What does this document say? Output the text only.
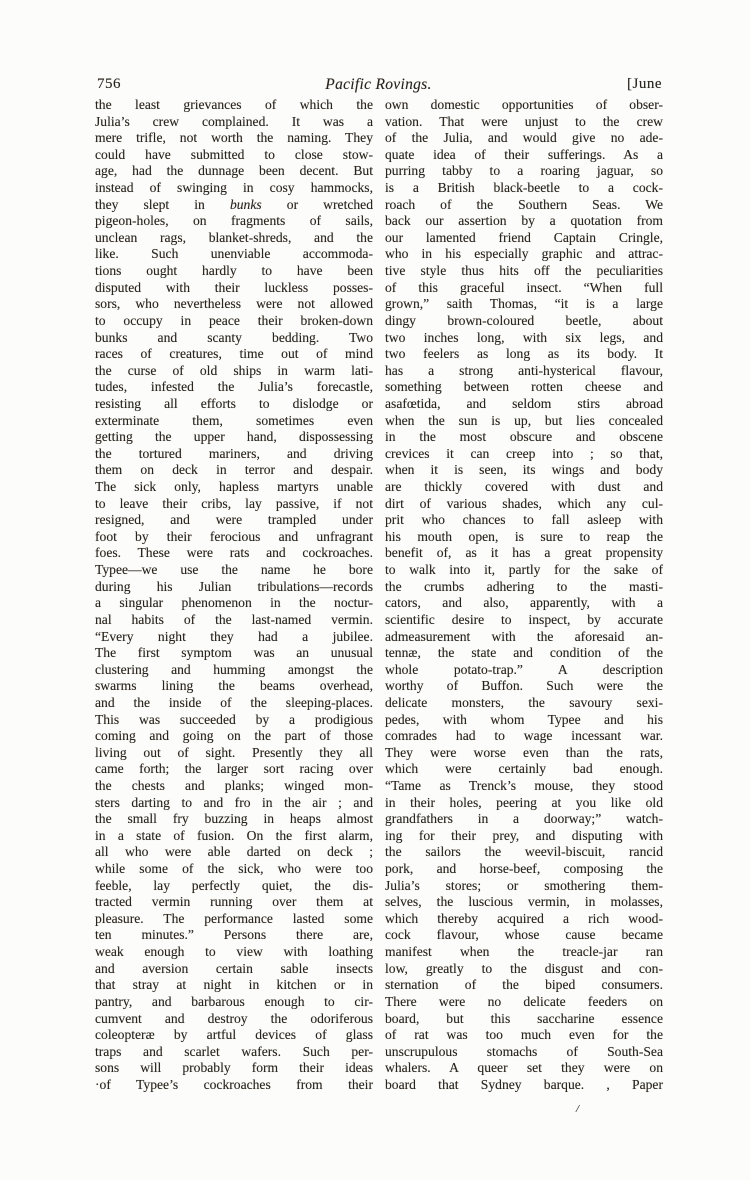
756	Pacific Rovings.	[June
the least grievances of which the
Julia’s crew complained. It was a
mere trifle, not worth the naming. They
could have submitted to close stow-
age, had the dunnage been decent. But
instead of swinging in cosy hammocks,
they slept in bunks or wretched
pigeon-holes, on fragments of sails,
unclean rags, blanket-shreds, and the
like. Such unenviable accommoda-
tions ought hardly to have been
disputed with their luckless posses-
sors, who nevertheless were not allowed
to occupy in peace their broken-down
bunks and scanty bedding. Two
races of creatures, time out of mind
the curse of old ships in warm lati-
tudes, infested the Julia’s forecastle,
resisting all efforts to dislodge or
exterminate them, sometimes even
getting the upper hand, dispossessing
the tortured mariners, and driving
them on deck in terror and despair.
The sick only, hapless martyrs unable
to leave their cribs, lay passive, if not
resigned, and were trampled under
foot by their ferocious and unfragrant
foes. These were rats and cockroaches.
Typee—we use the name he bore
during his Julian tribulations—records
a singular phenomenon in the noctur-
nal habits of the last-named vermin.
“Every night they had a jubilee.
The first symptom was an unusual
clustering and humming amongst the
swarms lining the beams overhead,
and the inside of the sleeping-places.
This was succeeded by a prodigious
coming and going on the part of those
living out of sight. Presently they all
came forth; the larger sort racing over
the chests and planks; winged mon-
sters darting to and fro in the air ; and
the small fry buzzing in heaps almost
in a state of fusion. On the first alarm,
all who were able darted on deck ;
while some of the sick, who were too
feeble, lay perfectly quiet, the dis-
tracted vermin running over them at
pleasure. The performance lasted some
ten minutes.” Persons there are,
weak enough to view with loathing
and aversion certain sable insects
that stray at night in kitchen or in
pantry, and barbarous enough to cir-
cumvent and destroy the odoriferous
coleopteræ by artful devices of glass
traps and scarlet wafers. Such per-
sons will probably form their ideas
·of Typee’s cockroaches from their
own domestic opportunities of obser-
vation. That were unjust to the crew
of the Julia, and would give no ade-
quate idea of their sufferings. As a
purring tabby to a roaring jaguar, so
is a British black-beetle to a cock-
roach of the Southern Seas. We
back our assertion by a quotation from
our lamented friend Captain Cringle,
who in his especially graphic and attrac-
tive style thus hits off the peculiarities
of this graceful insect. “When full
grown,” saith Thomas, “it is a large
dingy brown-coloured beetle, about
two inches long, with six legs, and
two feelers as long as its body. It
has a strong anti-hysterical flavour,
something between rotten cheese and
asafœtida, and seldom stirs abroad
when the sun is up, but lies concealed
in the most obscure and obscene
crevices it can creep into ; so that,
when it is seen, its wings and body
are thickly covered with dust and
dirt of various shades, which any cul-
prit who chances to fall asleep with
his mouth open, is sure to reap the
benefit of, as it has a great propensity
to walk into it, partly for the sake of
the crumbs adhering to the masti-
cators, and also, apparently, with a
scientific desire to inspect, by accurate
admeasurement with the aforesaid an-
tennæ, the state and condition of the
whole potato-trap.” A description
worthy of Buffon. Such were the
delicate monsters, the savoury sexi-
pedes, with whom Typee and his
comrades had to wage incessant war.
They were worse even than the rats,
which were certainly bad enough.
“Tame as Trenck’s mouse, they stood
in their holes, peering at you like old
grandfathers in a doorway;” watch-
ing for their prey, and disputing with
the sailors the weevil-biscuit, rancid
pork, and horse-beef, composing the
Julia’s stores; or smothering them-
selves, the luscious vermin, in molasses,
which thereby acquired a rich wood-
cock flavour, whose cause became
manifest when the treacle-jar ran
low, greatly to the disgust and con-
sternation of the biped consumers.
There were no delicate feeders on
board, but this saccharine essence
of rat was too much even for the
unscrupulous stomachs of South-Sea
whalers. A queer set they were on
board that Sydney barque. , Paper
/
